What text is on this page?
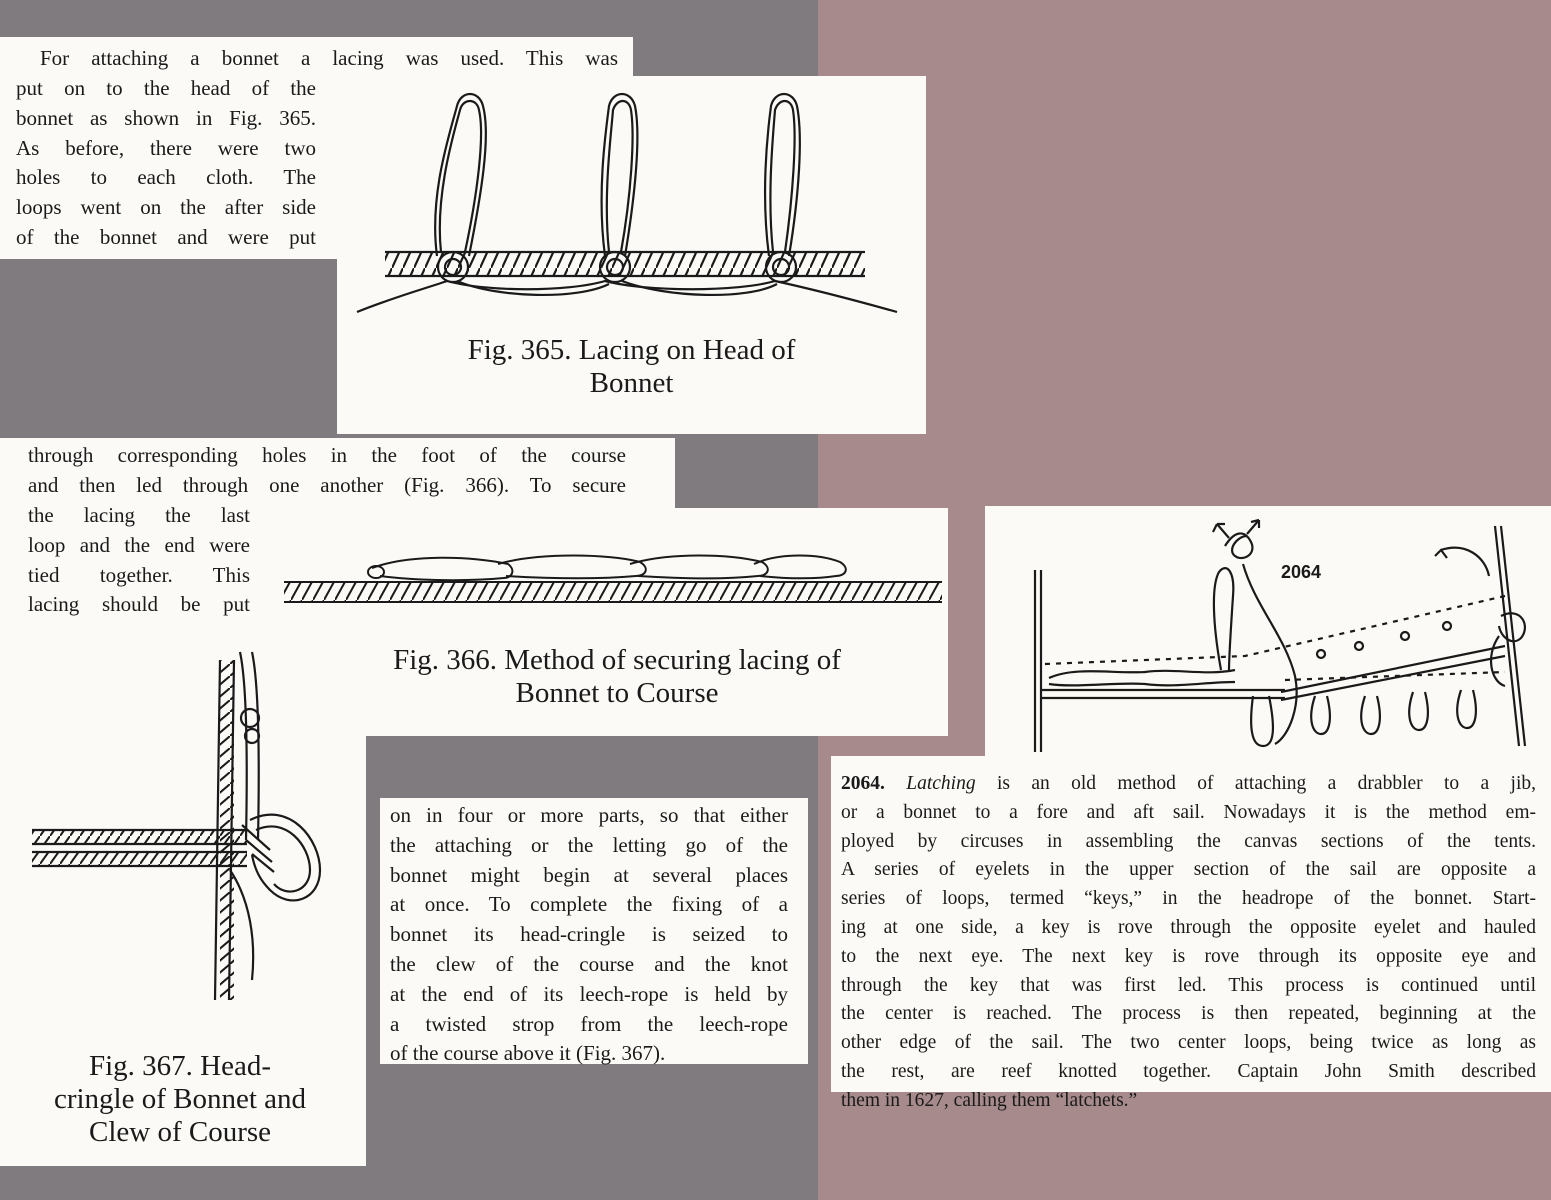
For attaching a bonnet a lacing was used. This was

put on to the head of the

bonnet as shown in Fig. 365.

As before, there were two

holes to each cloth. The

loops went on the after side

of the bonnet and were put

Fig. 365. Lacing on Head of
Bonnet

through corresponding holes in the foot of the course

and then led through one another (Fig. 366). To secure

the lacing the last

loop and the end were

tied together. This

lacing should be put

Fig. 366. Method of securing lacing of
Bonnet to Course
Fig. 367. Head-
cringle of Bonnet and
Clew of Course

on in four or more parts, so that either

the attaching or the letting go of the

bonnet might begin at several places

at once. To complete the fixing of a

bonnet its head-cringle is seized to

the clew of the course and the knot

at the end of its leech-rope is held by

a twisted strop from the leech-rope

of the course above it (Fig. 367).

2064

2064. Latching is an old method of attaching a drabbler to a jib,

or a bonnet to a fore and aft sail. Nowadays it is the method em-

ployed by circuses in assembling the canvas sections of the tents.

A series of eyelets in the upper section of the sail are opposite a

series of loops, termed “keys,” in the headrope of the bonnet. Start-

ing at one side, a key is rove through the opposite eyelet and hauled

to the next eye. The next key is rove through its opposite eye and

through the key that was first led. This process is continued until

the center is reached. The process is then repeated, beginning at the

other edge of the sail. The two center loops, being twice as long as

the rest, are reef knotted together. Captain John Smith described

them in 1627, calling them “latchets.”
